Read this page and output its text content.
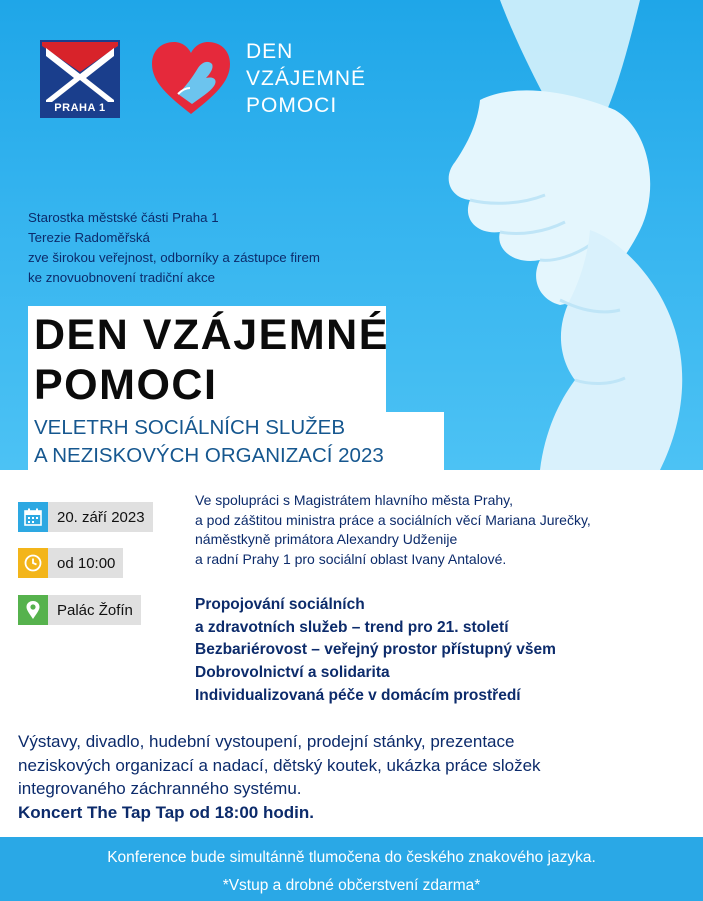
PRAHA 1
DEN
VZÁJEMNÉ
POMOCI
Starostka městské části Praha 1
Terezie Radoměřská
zve širokou veřejnost, odborníky a zástupce firem
ke znovuobnovení tradiční akce
DEN VZÁJEMNÉ
POMOCI
VELETRH SOCIÁLNÍCH SLUŽEB
A NEZISKOVÝCH ORGANIZACÍ 2023
20. září 2023
od 10:00
Palác Žofín
Ve spolupráci s Magistrátem hlavního města Prahy,
a pod záštitou ministra práce a sociálních věcí Mariana Jurečky,
náměstkyně primátora Alexandry Udženije
a radní Prahy 1 pro sociální oblast Ivany Antalové.
Propojování sociálních
a zdravotních služeb – trend pro 21. století
Bezbariérovost – veřejný prostor přístupný všem
Dobrovolnictví a solidarita
Individualizovaná péče v domácím prostředí
Výstavy, divadlo, hudební vystoupení, prodejní stánky, prezentace
neziskových organizací a nadací, dětský koutek, ukázka práce složek
integrovaného záchranného systému.
Koncert The Tap Tap od 18:00 hodin.
Konference bude simultánně tlumočena do českého znakového jazyka.
*Vstup a drobné občerstvení zdarma*
